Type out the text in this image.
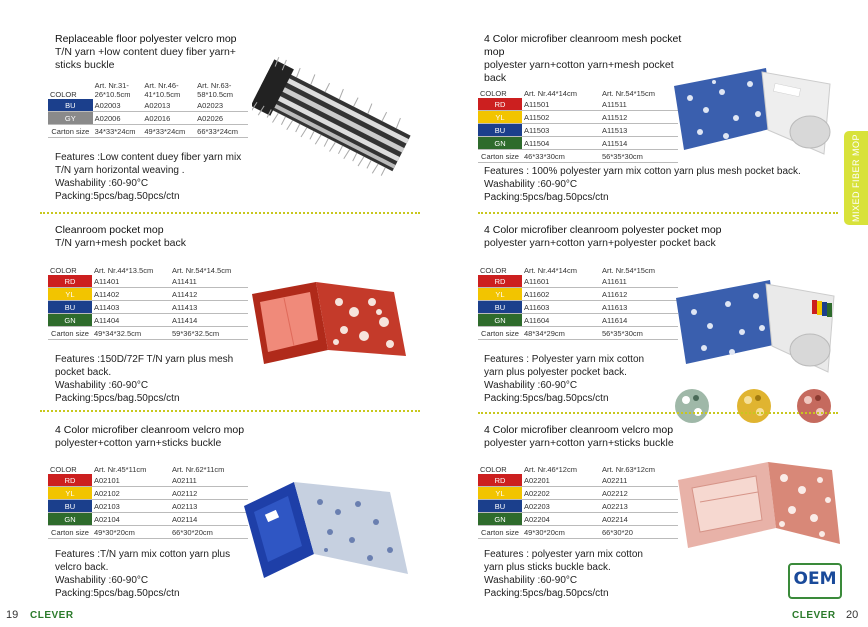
Replaceable floor polyester velcro mop
T/N yarn +low content duey fiber yarn+ sticks buckle
COLOR	Art. Nr.31-26*10.5cm	Art. Nr.46-41*10.5cm	Art. Nr.63-58*10.5cm
BU	A02003	A02013	A02023
GY	A02006	A02016	A02026
Carton size	34*33*24cm	49*33*24cm	66*33*24cm
Features :Low content duey fiber yarn mix
T/N yarn horizontal weaving .
Washability :60-90°C
Packing:5pcs/bag.50pcs/ctn
Cleanroom pocket mop
T/N yarn+mesh pocket back
COLOR	Art. Nr.44*13.5cm	Art. Nr.54*14.5cm
RD	A11401	A11411
YL	A11402	A11412
BU	A11403	A11413
GN	A11404	A11414
Carton size	49*34*32.5cm	59*36*32.5cm
Features :150D/72F T/N yarn plus mesh
pocket back.
Washability :60-90°C
Packing:5pcs/bag.50pcs/ctn
4 Color microfiber cleanroom velcro mop
polyester+cotton yarn+sticks buckle
COLOR	Art. Nr.45*11cm	Art. Nr.62*11cm
RD	A02101	A02111
YL	A02102	A02112
BU	A02103	A02113
GN	A02104	A02114
Carton size	49*30*20cm	66*30*20cm
Features :T/N yarn mix cotton yarn plus
velcro back.
Washability :60-90°C
Packing:5pcs/bag.50pcs/ctn
19 CLEVER
4 Color microfiber cleanroom mesh pocket mop
polyester yarn+cotton yarn+mesh pocket back
COLOR	Art. Nr.44*14cm	Art. Nr.54*15cm
RD	A11501	A11511
YL	A11502	A11512
BU	A11503	A11513
GN	A11504	A11514
Carton size	46*33*30cm	56*35*30cm
Features : 100% polyester yarn mix cotton yarn plus mesh pocket back.
Washability :60-90°C
Packing:5pcs/bag.50pcs/ctn
4 Color microfiber cleanroom polyester pocket mop
polyester yarn+cotton yarn+polyester pocket back
COLOR	Art. Nr.44*14cm	Art. Nr.54*15cm
RD	A11601	A11611
YL	A11602	A11612
BU	A11603	A11613
GN	A11604	A11614
Carton size	48*34*29cm	56*35*30cm
Features : Polyester yarn mix cotton
yarn plus polyester pocket back.
Washability :60-90°C
Packing:5pcs/bag.50pcs/ctn
4 Color microfiber cleanroom velcro mop
polyester yarn+cotton yarn+sticks buckle
COLOR	Art. Nr.46*12cm	Art. Nr.63*12cm
RD	A02201	A02211
YL	A02202	A02212
BU	A02203	A02213
GN	A02204	A02214
Carton size	49*30*20cm	66*30*20
Features : polyester yarn mix cotton
yarn plus sticks buckle back.
Washability :60-90°C
Packing:5pcs/bag.50pcs/ctn
MIXED FIBER MOP
OEM
CLEVER 20
